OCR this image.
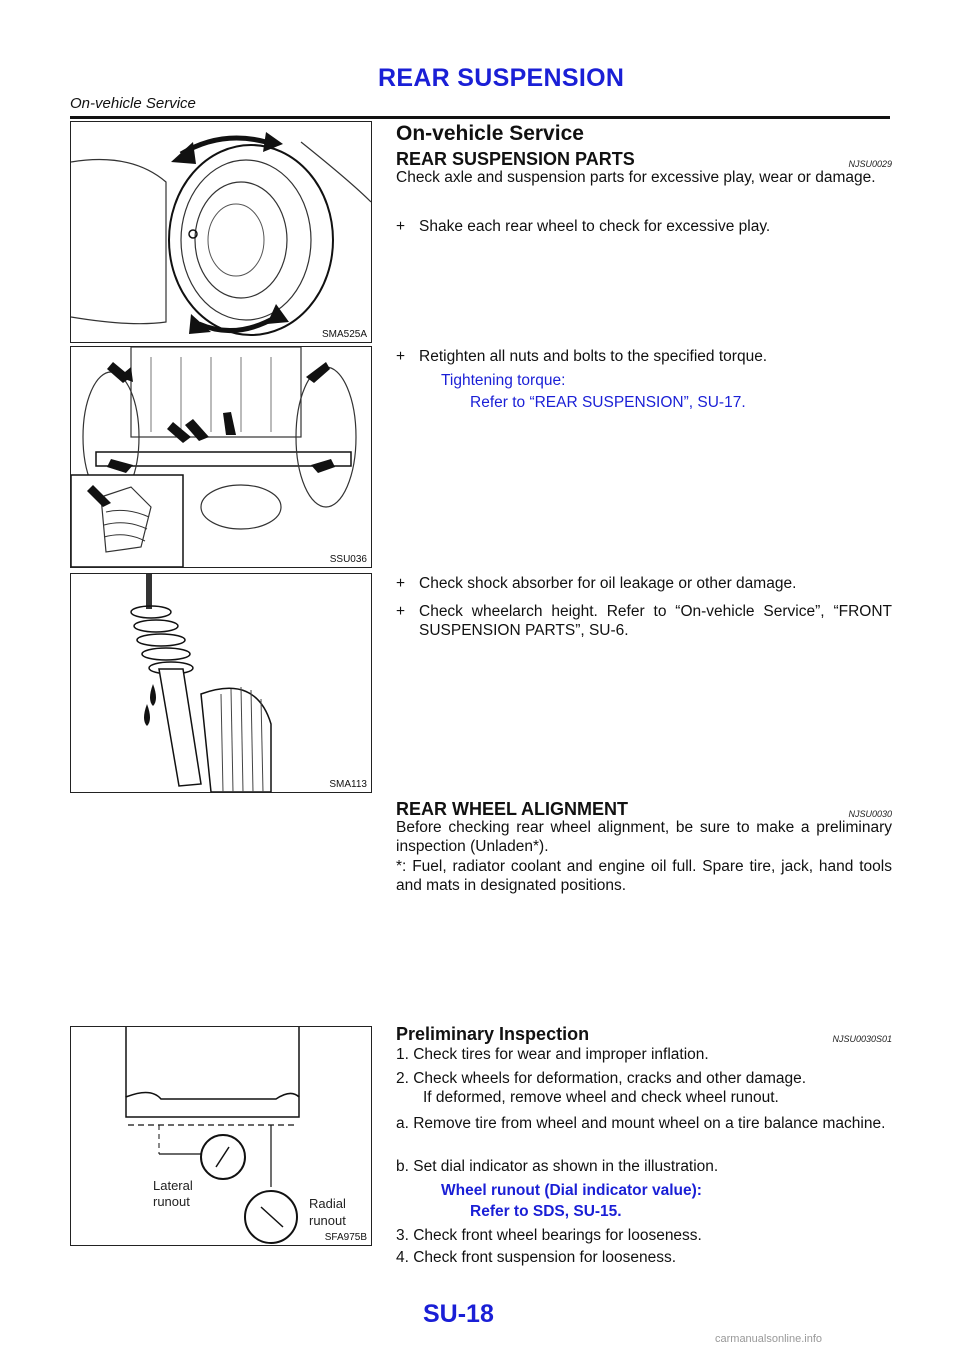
REAR SUSPENSION
On-vehicle Service
SMA525A
SSU036
SMA113
Lateral
runout	Radial
runout
SFA975B
On-vehicle Service
REAR SUSPENSION PARTS	NJSU0029
Check axle and suspension parts for excessive play, wear or damage.
+ Shake each rear wheel to check for excessive play.
+ Retighten all nuts and bolts to the specified torque.
Tightening torque:
Refer to “REAR SUSPENSION”, SU-17.
+ Check shock absorber for oil leakage or other damage.
+ Check wheelarch height. Refer to “On-vehicle Service”, “FRONT SUSPENSION PARTS”, SU-6.
REAR WHEEL ALIGNMENT	NJSU0030
Before checking rear wheel alignment, be sure to make a preliminary inspection (Unladen*).
*: Fuel, radiator coolant and engine oil full. Spare tire, jack, hand tools and mats in designated positions.
Preliminary Inspection	NJSU0030S01
1. Check tires for wear and improper inflation.
2. Check wheels for deformation, cracks and other damage.
If deformed, remove wheel and check wheel runout.
a. Remove tire from wheel and mount wheel on a tire balance machine.
b. Set dial indicator as shown in the illustration.
Wheel runout (Dial indicator value):
Refer to SDS, SU-15.
3. Check front wheel bearings for looseness.
4. Check front suspension for looseness.
SU-18
carmanualsonline.info
